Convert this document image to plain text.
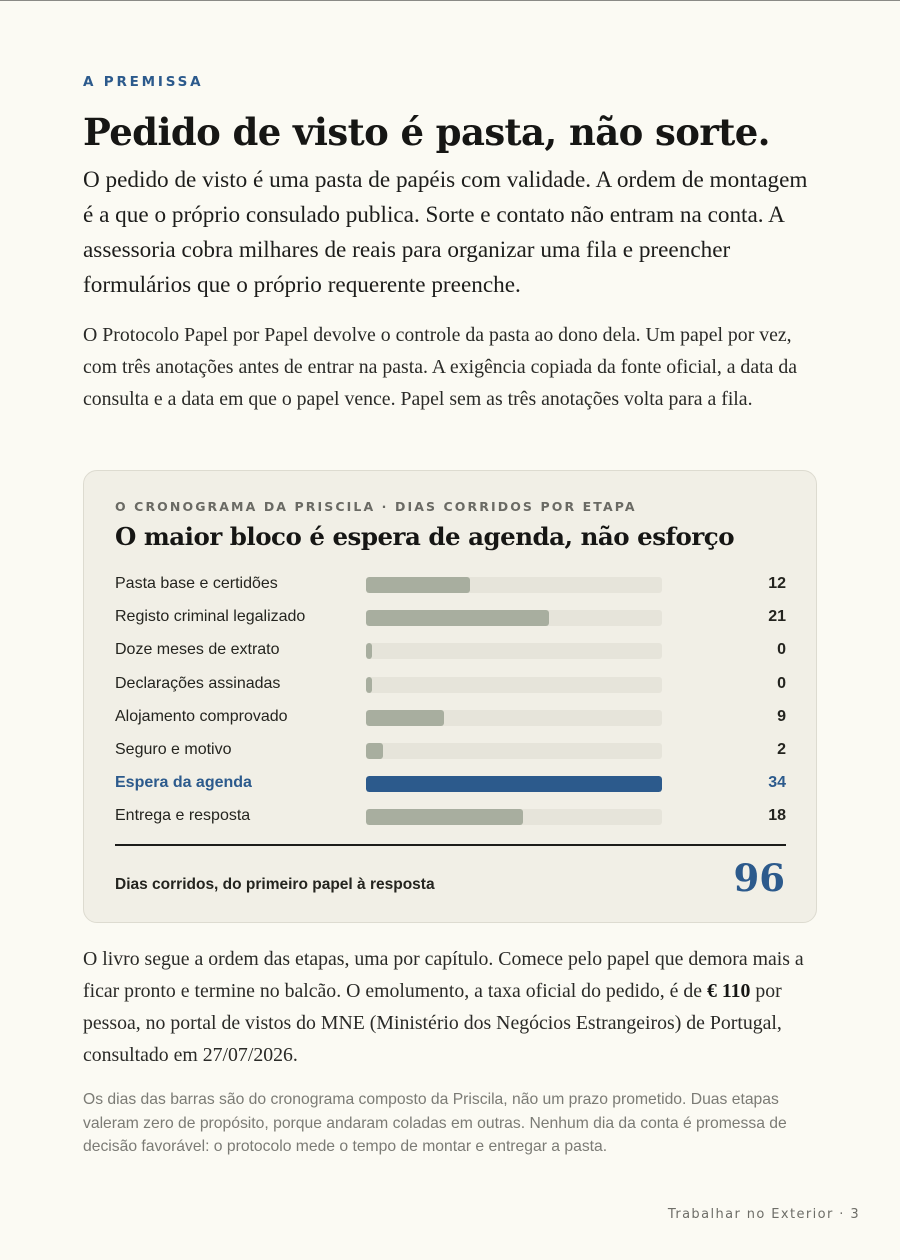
A PREMISSA

Pedido de visto é pasta, não sorte.

O pedido de visto é uma pasta de papéis com validade. A ordem de montagem é a que o próprio consulado publica. Sorte e contato não entram na conta. A assessoria cobra milhares de reais para organizar uma fila e preencher formulários que o próprio requerente preenche.

O Protocolo Papel por Papel devolve o controle da pasta ao dono dela. Um papel por vez, com três anotações antes de entrar na pasta. A exigência copiada da fonte oficial, a data da consulta e a data em que o papel vence. Papel sem as três anotações volta para a fila.

O livro segue a ordem das etapas, uma por capítulo. Comece pelo papel que demora mais a ficar pronto e termine no balcão. O emolumento, a taxa oficial do pedido, é de € 110 por pessoa, no portal de vistos do MNE (Ministério dos Negócios Estrangeiros) de Portugal, consultado em 27/07/2026.

O CRONOGRAMA DA PRISCILA · DIAS CORRIDOS POR ETAPA

O maior bloco é espera de agenda, não esforço
Pasta base e certidões	12
Registo criminal legalizado	21
Doze meses de extrato	0
Declarações assinadas	0
Alojamento comprovado	9
Seguro e motivo	2
Espera da agenda	34
Entrega e resposta	18
Dias corridos, do primeiro papel à resposta	96

Os dias das barras são do cronograma composto da Priscila, não um prazo prometido. Duas etapas valeram zero de propósito, porque andaram coladas em outras. Nenhum dia da conta é promessa de decisão favorável: o protocolo mede o tempo de montar e entregar a pasta.

Trabalhar no Exterior · 3
